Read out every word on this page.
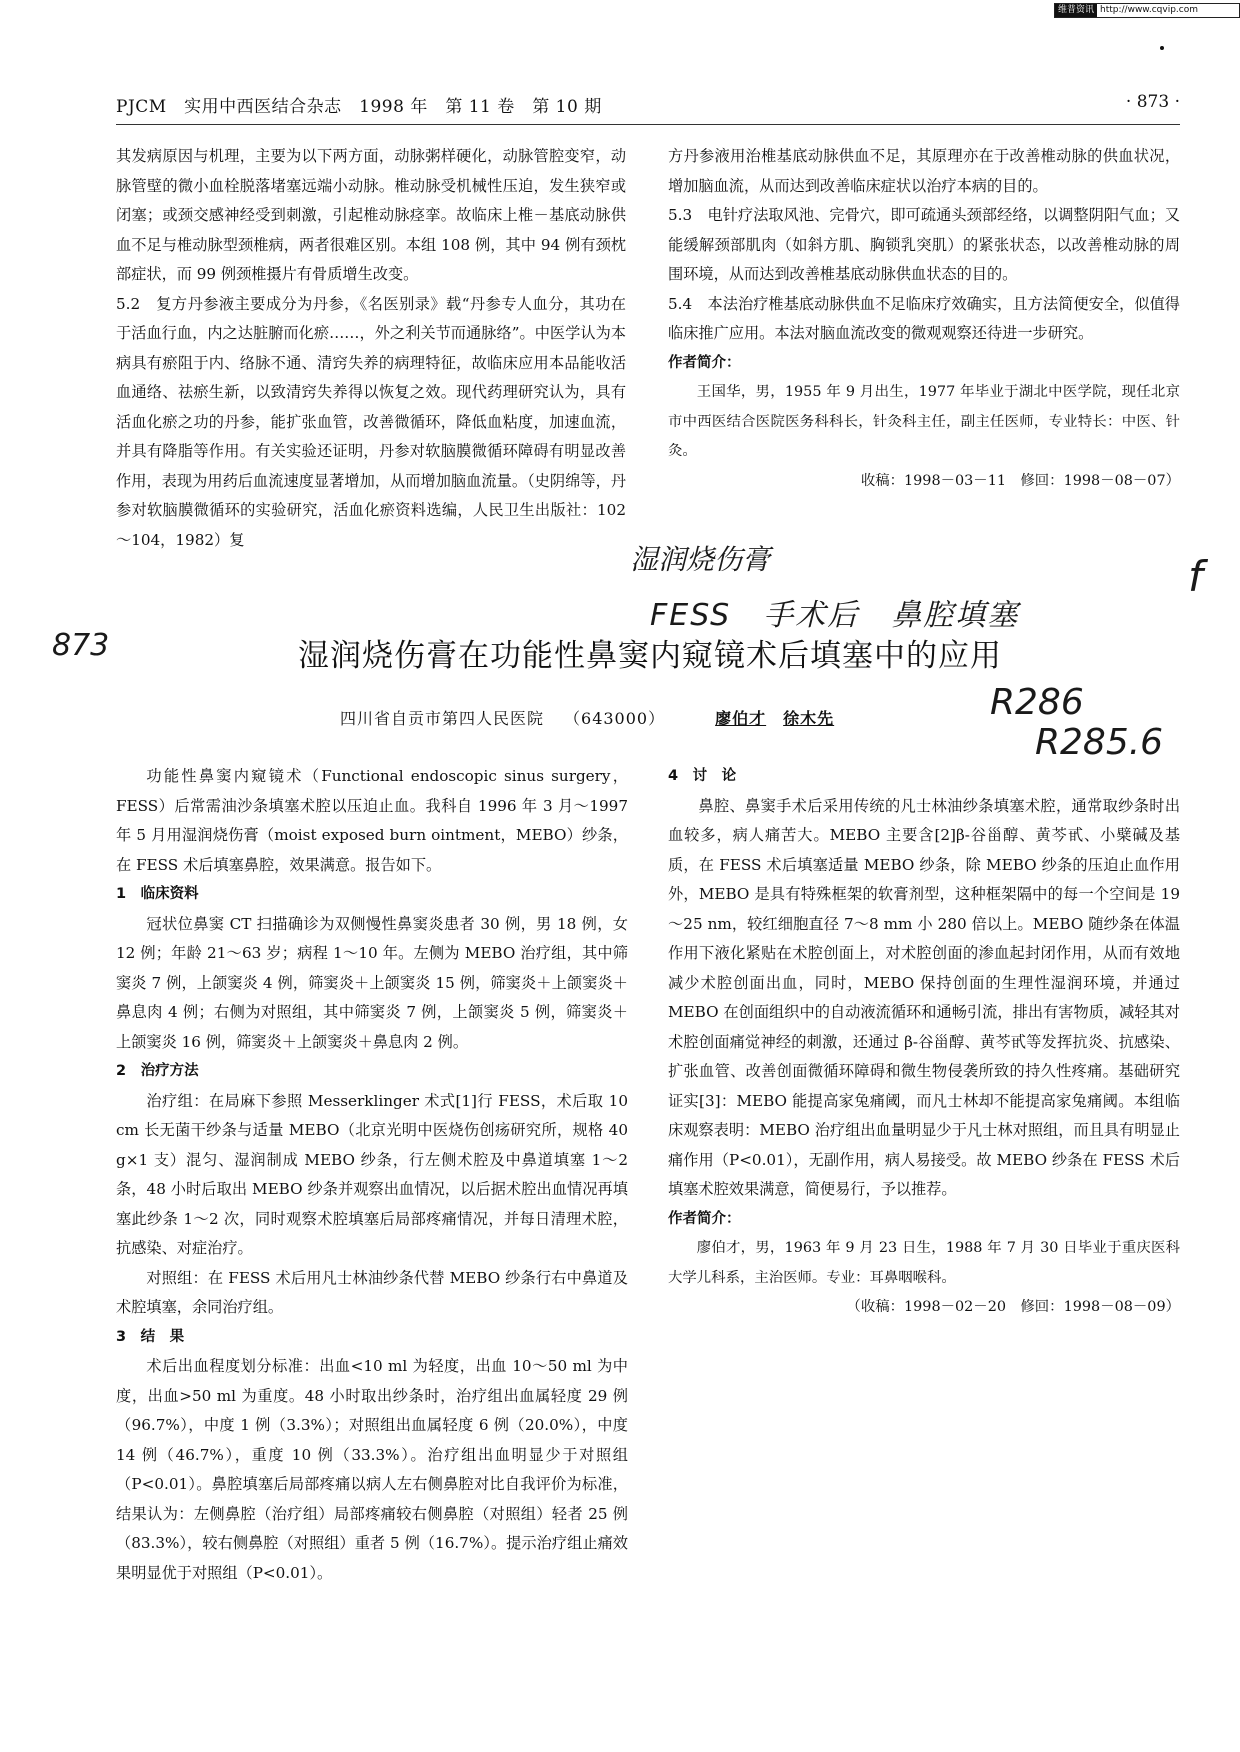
维普资讯 http://www.cqvip.com
PJCM　实用中西医结合杂志　1998 年　第 11 卷　第 10 期	· 873 ·

其发病原因与机理，主要为以下两方面，动脉粥样硬化，动脉管腔变窄，动脉管壁的微小血栓脱落堵塞远端小动脉。椎动脉受机械性压迫，发生狭窄或闭塞；或颈交感神经受到刺激，引起椎动脉痉挛。故临床上椎－基底动脉供血不足与椎动脉型颈椎病，两者很难区别。本组 108 例，其中 94 例有颈枕部症状，而 99 例颈椎摄片有骨质增生改变。

5.2　复方丹参液主要成分为丹参，《名医别录》载“丹参专人血分，其功在于活血行血，内之达脏腑而化瘀……，外之利关节而通脉络”。中医学认为本病具有瘀阻于内、络脉不通、清窍失养的病理特征，故临床应用本品能收活血通络、祛瘀生新，以致清窍失养得以恢复之效。现代药理研究认为，具有活血化瘀之功的丹参，能扩张血管，改善微循环，降低血粘度，加速血流，并具有降脂等作用。有关实验还证明，丹参对软脑膜微循环障碍有明显改善作用，表现为用药后血流速度显著增加，从而增加脑血流量。（史阴绵等，丹参对软脑膜微循环的实验研究，活血化瘀资料选编，人民卫生出版社：102～104，1982）复

方丹参液用治椎基底动脉供血不足，其原理亦在于改善椎动脉的供血状况，增加脑血流，从而达到改善临床症状以治疗本病的目的。

5.3　电针疗法取风池、完骨穴，即可疏通头颈部经络，以调整阴阳气血；又能缓解颈部肌肉（如斜方肌、胸锁乳突肌）的紧张状态，以改善椎动脉的周围环境，从而达到改善椎基底动脉供血状态的目的。

5.4　本法治疗椎基底动脉供血不足临床疗效确实，且方法简便安全，似值得临床推广应用。本法对脑血流改变的微观观察还待进一步研究。

作者简介：

王国华，男，1955 年 9 月出生，1977 年毕业于湖北中医学院，现任北京市中西医结合医院医务科科长，针灸科主任，副主任医师，专业特长：中医、针灸。

收稿：1998－03－11　修回：1998－08－07）

湿润烧伤膏
FESS　手术后　鼻腔填塞
873
R286
R285.6
f
湿润烧伤膏在功能性鼻窦内窥镜术后填塞中的应用
四川省自贡市第四人民医院 （643000）	廖伯才　 徐木先

功能性鼻窦内窥镜术（Functional endoscopic sinus surgery，FESS）后常需油沙条填塞术腔以压迫止血。我科自 1996 年 3 月～1997 年 5 月用湿润烧伤膏（moist exposed burn ointment，MEBO）纱条，在 FESS 术后填塞鼻腔，效果满意。报告如下。

1　临床资料

冠状位鼻窦 CT 扫描确诊为双侧慢性鼻窦炎患者 30 例，男 18 例，女 12 例；年龄 21～63 岁；病程 1～10 年。左侧为 MEBO 治疗组，其中筛窦炎 7 例，上颌窦炎 4 例，筛窦炎＋上颌窦炎 15 例，筛窦炎＋上颌窦炎＋鼻息肉 4 例；右侧为对照组，其中筛窦炎 7 例，上颌窦炎 5 例，筛窦炎＋上颌窦炎 16 例，筛窦炎＋上颌窦炎＋鼻息肉 2 例。

2　治疗方法

治疗组：在局麻下参照 Messerklinger 术式[1]行 FESS，术后取 10 cm 长无菌干纱条与适量 MEBO（北京光明中医烧伤创疡研究所，规格 40 g×1 支）混匀、湿润制成 MEBO 纱条，行左侧术腔及中鼻道填塞 1～2 条，48 小时后取出 MEBO 纱条并观察出血情况，以后据术腔出血情况再填塞此纱条 1～2 次，同时观察术腔填塞后局部疼痛情况，并每日清理术腔，抗感染、对症治疗。

对照组：在 FESS 术后用凡士林油纱条代替 MEBO 纱条行右中鼻道及术腔填塞，余同治疗组。

3　结　果

术后出血程度划分标准：出血<10 ml 为轻度，出血 10～50 ml 为中度，出血>50 ml 为重度。48 小时取出纱条时，治疗组出血属轻度 29 例（96.7%），中度 1 例（3.3%）；对照组出血属轻度 6 例（20.0%），中度 14 例（46.7%），重度 10 例（33.3%）。治疗组出血明显少于对照组（P<0.01）。鼻腔填塞后局部疼痛以病人左右侧鼻腔对比自我评价为标准，结果认为：左侧鼻腔（治疗组）局部疼痛较右侧鼻腔（对照组）轻者 25 例（83.3%），较右侧鼻腔（对照组）重者 5 例（16.7%）。提示治疗组止痛效果明显优于对照组（P<0.01）。

4　讨　论

鼻腔、鼻窦手术后采用传统的凡士林油纱条填塞术腔，通常取纱条时出血较多，病人痛苦大。MEBO 主要含[2]β-谷甾醇、黄芩甙、小檗碱及基质，在 FESS 术后填塞适量 MEBO 纱条，除 MEBO 纱条的压迫止血作用外，MEBO 是具有特殊框架的软膏剂型，这种框架隔中的每一个空间是 19～25 nm，较红细胞直径 7～8 mm 小 280 倍以上。MEBO 随纱条在体温作用下液化紧贴在术腔创面上，对术腔创面的渗血起封闭作用，从而有效地减少术腔创面出血，同时，MEBO 保持创面的生理性湿润环境，并通过 MEBO 在创面组织中的自动液流循环和通畅引流，排出有害物质，减轻其对术腔创面痛觉神经的刺激，还通过 β-谷甾醇、黄芩甙等发挥抗炎、抗感染、扩张血管、改善创面微循环障碍和微生物侵袭所致的持久性疼痛。基础研究证实[3]：MEBO 能提高家兔痛阈，而凡士林却不能提高家兔痛阈。本组临床观察表明：MEBO 治疗组出血量明显少于凡士林对照组，而且具有明显止痛作用（P<0.01），无副作用，病人易接受。故 MEBO 纱条在 FESS 术后填塞术腔效果满意，简便易行，予以推荐。

作者简介：

廖伯才，男，1963 年 9 月 23 日生，1988 年 7 月 30 日毕业于重庆医科大学儿科系，主治医师。专业：耳鼻咽喉科。

（收稿：1998－02－20　修回：1998－08－09）
